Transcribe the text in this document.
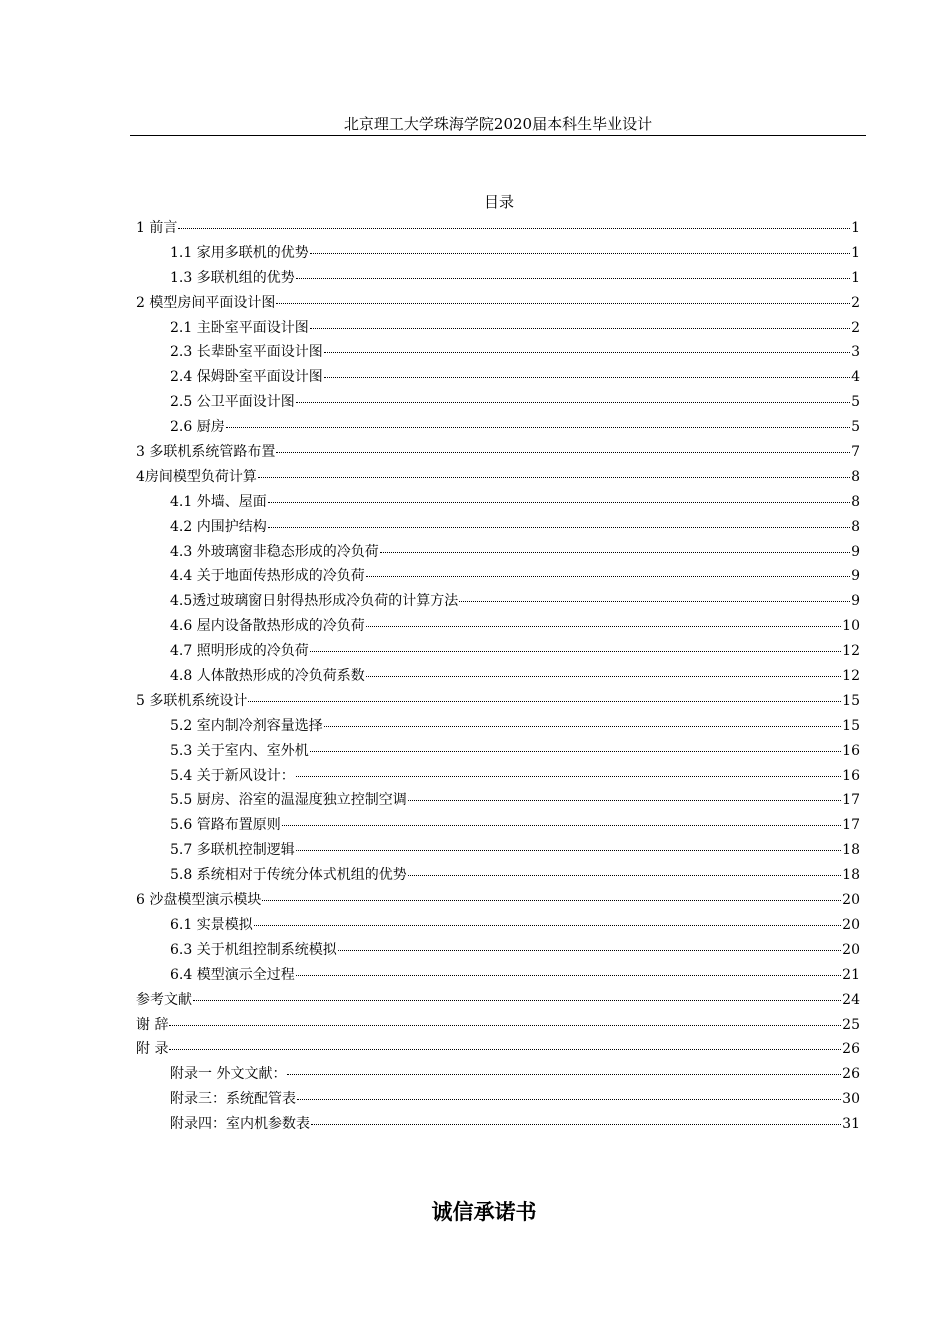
北京理工大学珠海学院2020届本科生毕业设计
目录
1 前言	1
1.1 家用多联机的优势	1
1.3 多联机组的优势	1
2 模型房间平面设计图	2
2.1 主卧室平面设计图	2
2.3 长辈卧室平面设计图	3
2.4 保姆卧室平面设计图	4
2.5 公卫平面设计图	5
2.6 厨房	5
3 多联机系统管路布置	7
4房间模型负荷计算	8
4.1 外墙、屋面	8
4.2 内围护结构	8
4.3 外玻璃窗非稳态形成的冷负荷	9
4.4 关于地面传热形成的冷负荷	9
4.5透过玻璃窗日射得热形成冷负荷的计算方法	9
4.6 屋内设备散热形成的冷负荷	10
4.7 照明形成的冷负荷	12
4.8 人体散热形成的冷负荷系数	12
5 多联机系统设计	15
5.2 室内制冷剂容量选择	15
5.3 关于室内、室外机	16
5.4 关于新风设计：	16
5.5 厨房、浴室的温湿度独立控制空调	17
5.6 管路布置原则	17
5.7 多联机控制逻辑	18
5.8 系统相对于传统分体式机组的优势	18
6 沙盘模型演示模块	20
6.1 实景模拟	20
6.3 关于机组控制系统模拟	20
6.4 模型演示全过程	21
参考文献	24
谢 辞	25
附 录	26
附录一 外文文献：	26
附录三：系统配管表	30
附录四：室内机参数表	31
诚信承诺书
